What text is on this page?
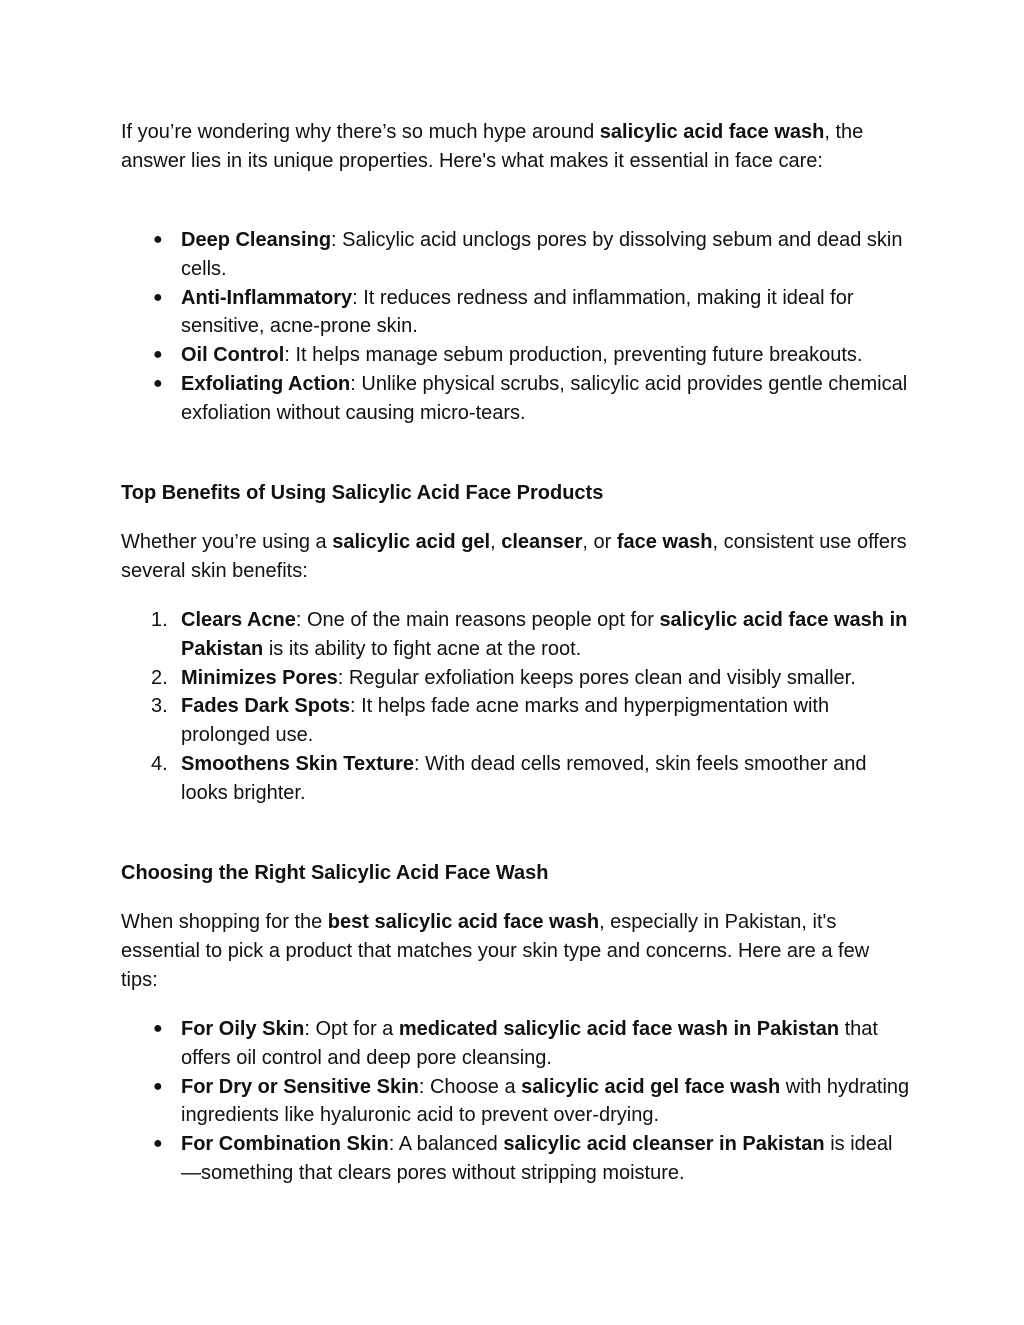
If you’re wondering why there’s so much hype around salicylic acid face wash, the answer lies in its unique properties. Here's what makes it essential in face care:

● Deep Cleansing: Salicylic acid unclogs pores by dissolving sebum and dead skin cells.
● Anti-Inflammatory: It reduces redness and inflammation, making it ideal for sensitive, acne-prone skin.
● Oil Control: It helps manage sebum production, preventing future breakouts.
● Exfoliating Action: Unlike physical scrubs, salicylic acid provides gentle chemical exfoliation without causing micro-tears.
Top Benefits of Using Salicylic Acid Face Products

Whether you’re using a salicylic acid gel, cleanser, or face wash, consistent use offers several skin benefits:

1. Clears Acne: One of the main reasons people opt for salicylic acid face wash in Pakistan is its ability to fight acne at the root.
2. Minimizes Pores: Regular exfoliation keeps pores clean and visibly smaller.
3. Fades Dark Spots: It helps fade acne marks and hyperpigmentation with prolonged use.
4. Smoothens Skin Texture: With dead cells removed, skin feels smoother and looks brighter.
Choosing the Right Salicylic Acid Face Wash

When shopping for the best salicylic acid face wash, especially in Pakistan, it's essential to pick a product that matches your skin type and concerns. Here are a few tips:

● For Oily Skin: Opt for a medicated salicylic acid face wash in Pakistan that offers oil control and deep pore cleansing.
● For Dry or Sensitive Skin: Choose a salicylic acid gel face wash with hydrating ingredients like hyaluronic acid to prevent over-drying.
● For Combination Skin: A balanced salicylic acid cleanser in Pakistan is ideal—something that clears pores without stripping moisture.
